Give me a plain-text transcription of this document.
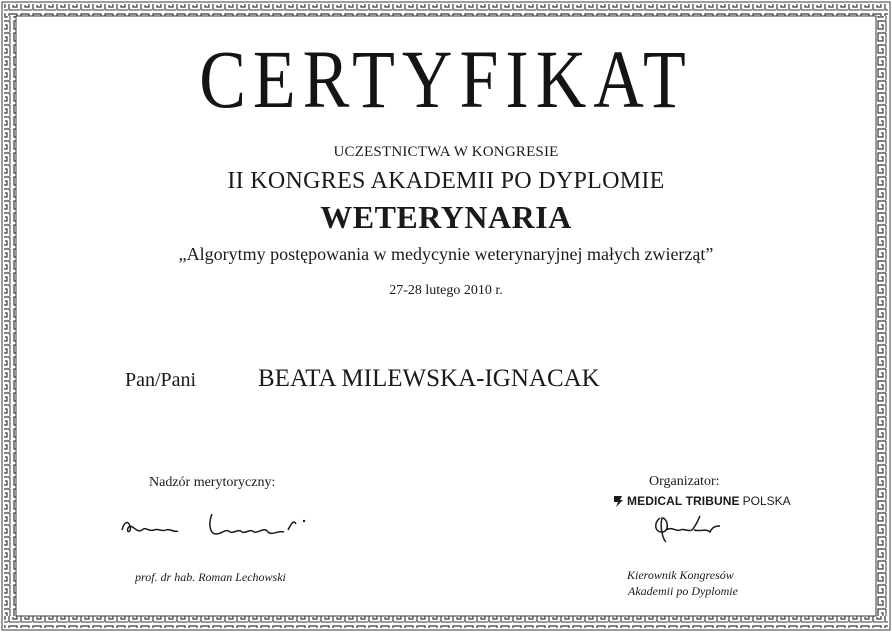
CERTYFIKAT
UCZESTNICTWA W KONGRESIE
II KONGRES AKADEMII PO DYPLOMIE
WETERYNARIA
„Algorytmy postępowania w medycynie weterynaryjnej małych zwierząt”
27-28 lutego 2010 r.
Pan/Pani BEATA MILEWSKA-IGNACAK
Nadzór merytoryczny:
prof. dr hab. Roman Lechowski
Organizator:
MEDICAL TRIBUNE POLSKA
Kierownik Kongresów
Akademii po Dyplomie
